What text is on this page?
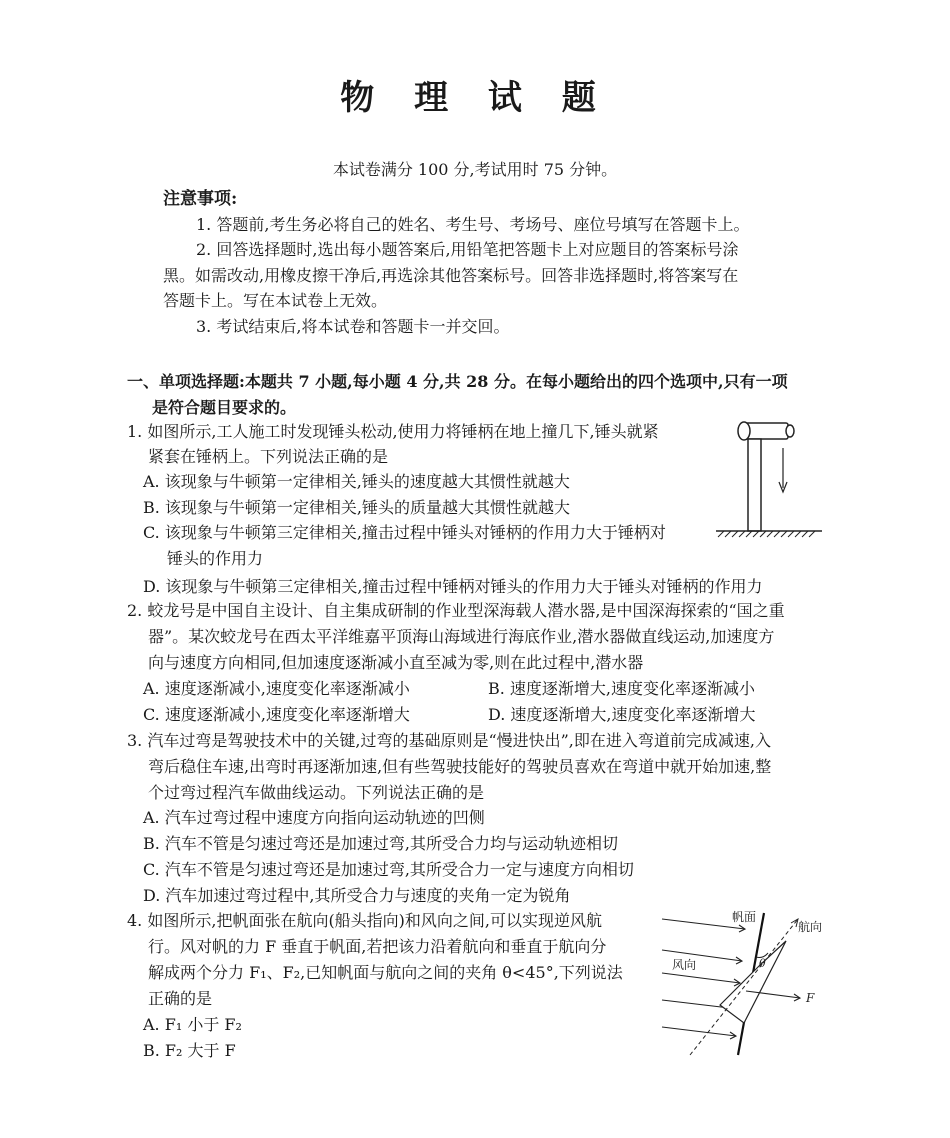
物 理 试 题
本试卷满分 100 分,考试用时 75 分钟。
注意事项:
1. 答题前,考生务必将自己的姓名、考生号、考场号、座位号填写在答题卡上。
2. 回答选择题时,选出每小题答案后,用铅笔把答题卡上对应题目的答案标号涂
黑。如需改动,用橡皮擦干净后,再选涂其他答案标号。回答非选择题时,将答案写在
答题卡上。写在本试卷上无效。
3. 考试结束后,将本试卷和答题卡一并交回。
一、单项选择题:本题共 7 小题,每小题 4 分,共 28 分。在每小题给出的四个选项中,只有一项
是符合题目要求的。
1. 如图所示,工人施工时发现锤头松动,使用力将锤柄在地上撞几下,锤头就紧
紧套在锤柄上。下列说法正确的是
A. 该现象与牛顿第一定律相关,锤头的速度越大其惯性就越大
B. 该现象与牛顿第一定律相关,锤头的质量越大其惯性就越大
C. 该现象与牛顿第三定律相关,撞击过程中锤头对锤柄的作用力大于锤柄对
锤头的作用力
D. 该现象与牛顿第三定律相关,撞击过程中锤柄对锤头的作用力大于锤头对锤柄的作用力
2. 蛟龙号是中国自主设计、自主集成研制的作业型深海载人潜水器,是中国深海探索的“国之重
器”。某次蛟龙号在西太平洋维嘉平顶海山海域进行海底作业,潜水器做直线运动,加速度方
向与速度方向相同,但加速度逐渐减小直至减为零,则在此过程中,潜水器
A. 速度逐渐减小,速度变化率逐渐减小	B. 速度逐渐增大,速度变化率逐渐减小
C. 速度逐渐减小,速度变化率逐渐增大	D. 速度逐渐增大,速度变化率逐渐增大
3. 汽车过弯是驾驶技术中的关键,过弯的基础原则是“慢进快出”,即在进入弯道前完成减速,入
弯后稳住车速,出弯时再逐渐加速,但有些驾驶技能好的驾驶员喜欢在弯道中就开始加速,整
个过弯过程汽车做曲线运动。下列说法正确的是
A. 汽车过弯过程中速度方向指向运动轨迹的凹侧
B. 汽车不管是匀速过弯还是加速过弯,其所受合力均与运动轨迹相切
C. 汽车不管是匀速过弯还是加速过弯,其所受合力一定与速度方向相切
D. 汽车加速过弯过程中,其所受合力与速度的夹角一定为锐角
4. 如图所示,把帆面张在航向(船头指向)和风向之间,可以实现逆风航
行。风对帆的力 F 垂直于帆面,若把该力沿着航向和垂直于航向分
解成两个分力 F₁、F₂,已知帆面与航向之间的夹角 θ<45°,下列说法
正确的是
A. F₁ 小于 F₂
B. F₂ 大于 F
帆面
航向
风向
F
θ
